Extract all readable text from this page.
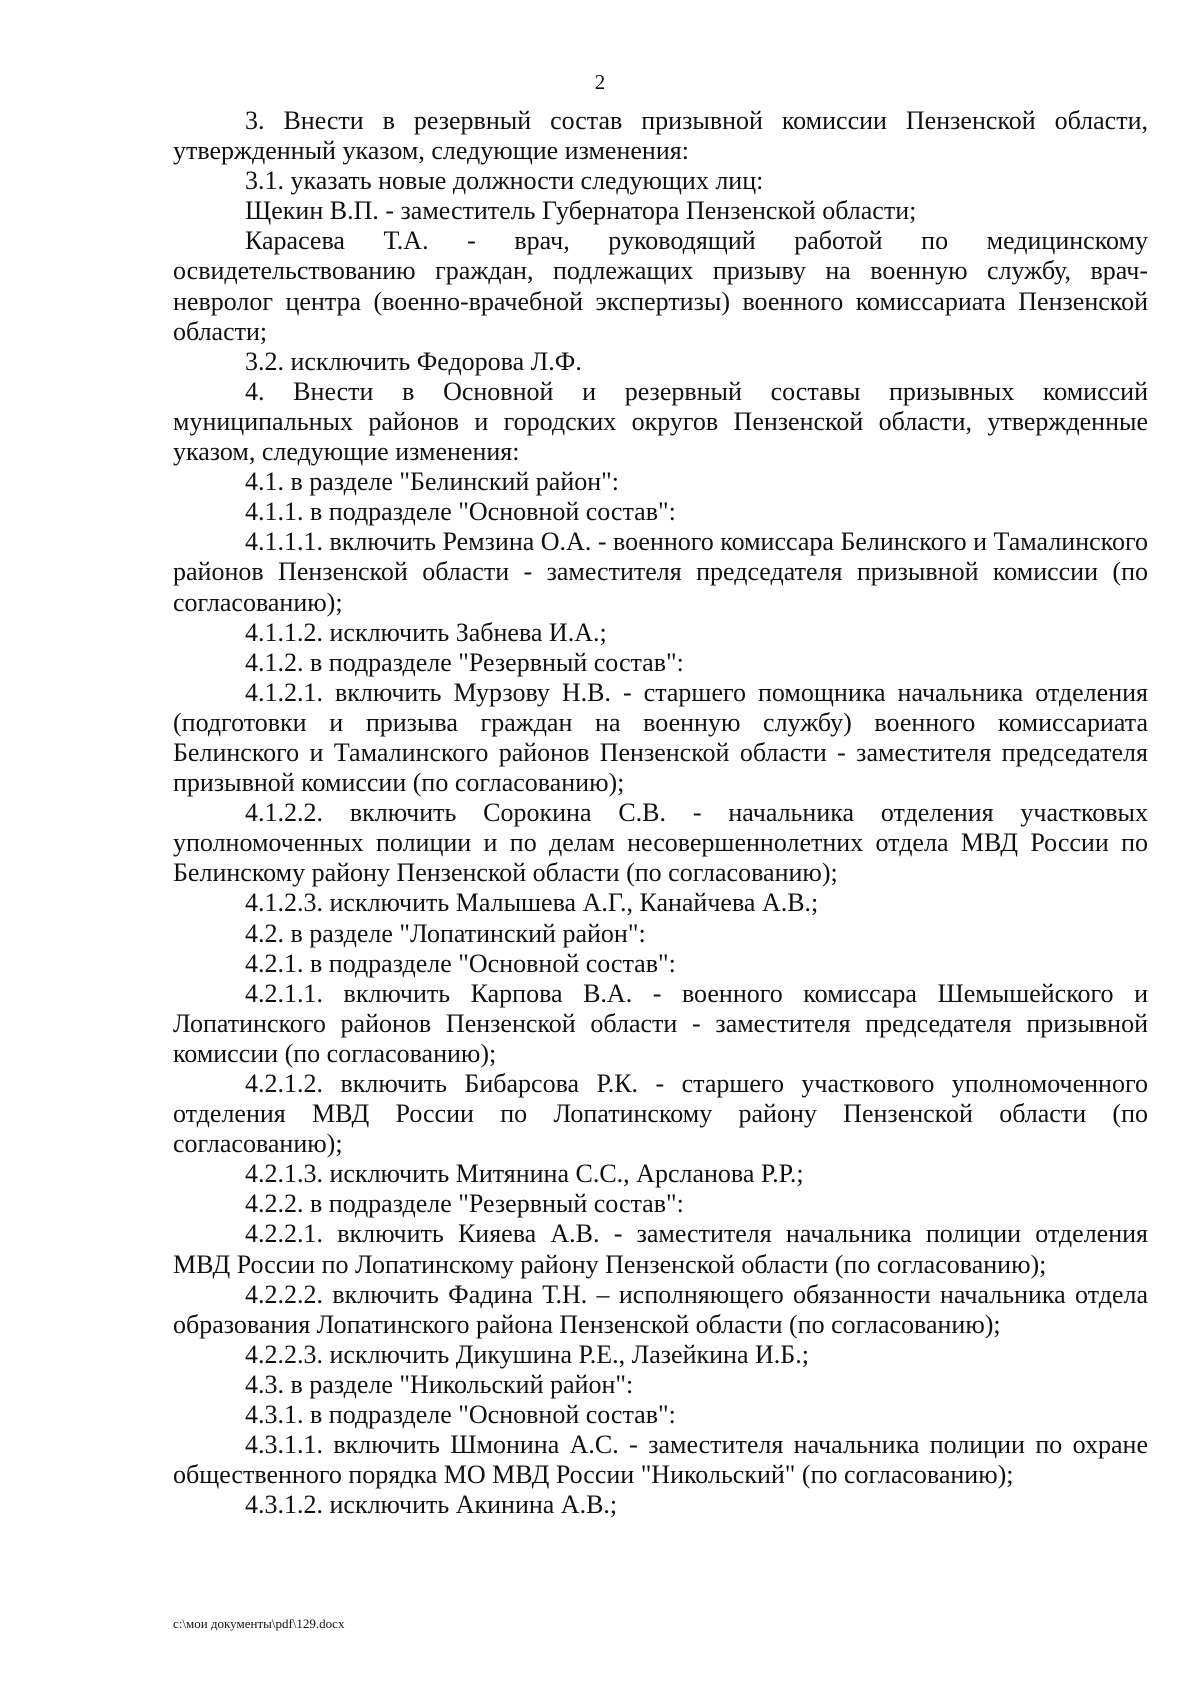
2

3. Внести в резервный состав призывной комиссии Пензенской области, утвержденный указом, следующие изменения:

3.1. указать новые должности следующих лиц:

Щекин В.П. - заместитель Губернатора Пензенской области;

Карасева Т.А. - врач, руководящий работой по медицинскому освидетельствованию граждан, подлежащих призыву на военную службу, врач-невролог центра (военно-врачебной экспертизы) военного комиссариата Пензенской области;

3.2. исключить Федорова Л.Ф.

4. Внести в Основной и резервный составы призывных комиссий муниципальных районов и городских округов Пензенской области, утвержденные указом, следующие изменения:

4.1. в разделе "Белинский район":

4.1.1. в подразделе "Основной состав":

4.1.1.1. включить Ремзина О.А. - военного комиссара Белинского и Тамалинского районов Пензенской области - заместителя председателя призывной комиссии (по согласованию);

4.1.1.2. исключить Забнева И.А.;

4.1.2. в подразделе "Резервный состав":

4.1.2.1. включить Мурзову Н.В. - старшего помощника начальника отделения (подготовки и призыва граждан на военную службу) военного комиссариата Белинского и Тамалинского районов Пензенской области - заместителя председателя призывной комиссии (по согласованию);

4.1.2.2. включить Сорокина С.В. - начальника отделения участковых уполномоченных полиции и по делам несовершеннолетних отдела МВД России по Белинскому району Пензенской области (по согласованию);

4.1.2.3. исключить Малышева А.Г., Канайчева А.В.;

4.2. в разделе "Лопатинский район":

4.2.1. в подразделе "Основной состав":

4.2.1.1. включить Карпова В.А. - военного комиссара Шемышейского и Лопатинского районов Пензенской области - заместителя председателя призывной комиссии (по согласованию);

4.2.1.2. включить Бибарсова Р.К. - старшего участкового уполномоченного отделения МВД России по Лопатинскому району Пензенской области (по согласованию);

4.2.1.3. исключить Митянина С.С., Арсланова Р.Р.;

4.2.2. в подразделе "Резервный состав":

4.2.2.1. включить Кияева А.В. - заместителя начальника полиции отделения МВД России по Лопатинскому району Пензенской области (по согласованию);

4.2.2.2. включить Фадина Т.Н. – исполняющего обязанности начальника отдела образования Лопатинского района Пензенской области (по согласованию);

4.2.2.3. исключить Дикушина Р.Е., Лазейкина И.Б.;

4.3. в разделе "Никольский район":

4.3.1. в подразделе "Основной состав":

4.3.1.1. включить Шмонина А.С. - заместителя начальника полиции по охране общественного порядка МО МВД России "Никольский" (по согласованию);

4.3.1.2. исключить Акинина А.В.;

c:\мои документы\pdf\129.docx
